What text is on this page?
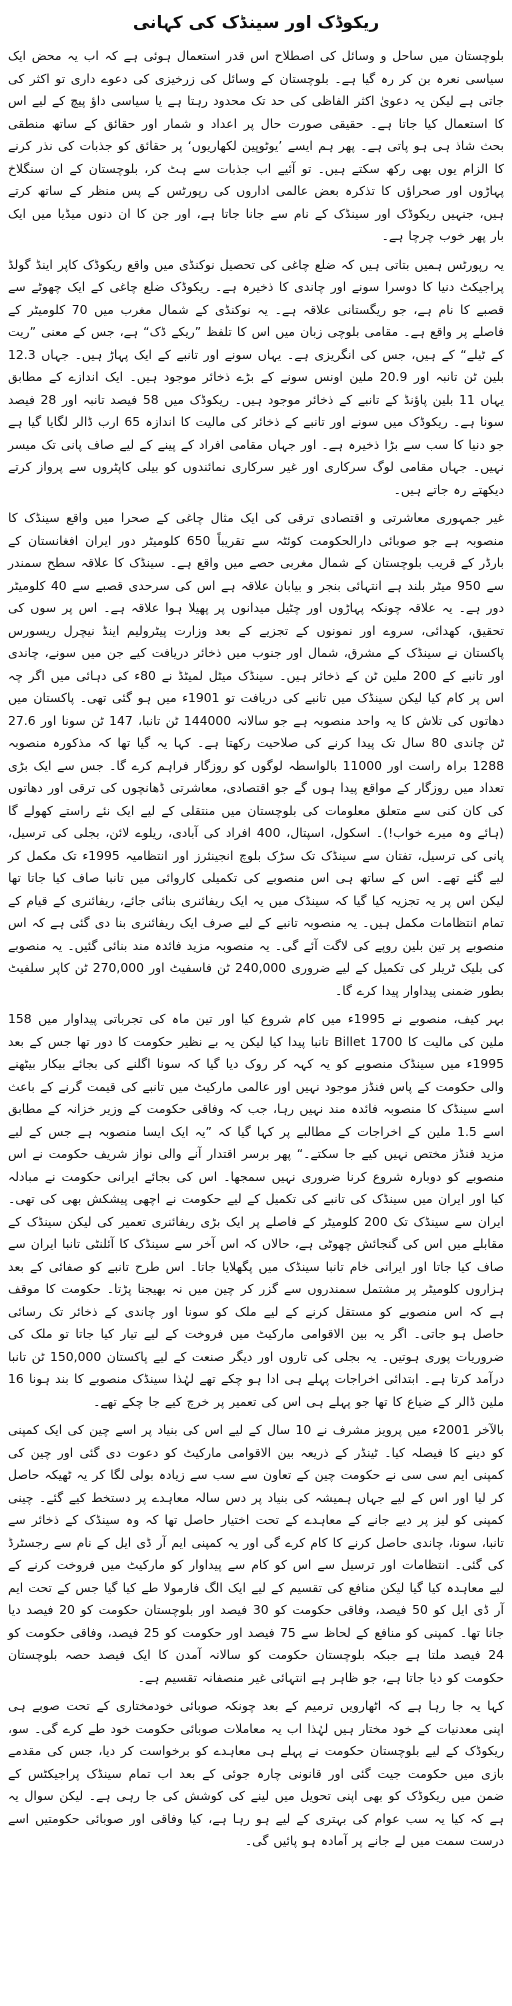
ریکوڈک اور سینڈک کی کہانی

بلوچستان میں ساحل و وسائل کی اصطلاح اس قدر استعمال ہوئی ہے کہ اب یہ محض ایک سیاسی نعرہ بن کر رہ گیا ہے۔ بلوچستان کے وسائل کی زرخیزی کی دعوے داری تو اکثر کی جاتی ہے لیکن یہ دعویٰ اکثر الفاظی کی حد تک محدود رہتا ہے یا سیاسی داؤ پیچ کے لیے اس کا استعمال کیا جاتا ہے۔ حقیقی صورت حال پر اعداد و شمار اور حقائق کے ساتھ منطقی بحث شاذ ہی ہو پاتی ہے۔ پھر ہم ایسے ’یوٹوپین لکھاریوں‘ پر حقائق کو جذبات کی نذر کرنے کا الزام یوں بھی رکھ سکتے ہیں۔ تو آئیے اب جذبات سے ہٹ کر، بلوچستان کے ان سنگلاخ پہاڑوں اور صحراؤں کا تذکرہ بعض عالمی اداروں کی رپورٹس کے پس منظر کے ساتھ کرتے ہیں، جنہیں ریکوڈک اور سینڈک کے نام سے جانا جاتا ہے، اور جن کا ان دنوں میڈیا میں ایک بار پھر خوب چرچا ہے۔

یہ رپورٹس ہمیں بتاتی ہیں کہ ضلع چاغی کی تحصیل نوکنڈی میں واقع ریکوڈک کاپر اینڈ گولڈ پراجیکٹ دنیا کا دوسرا سونے اور چاندی کا ذخیرہ ہے۔ ریکوڈک ضلع چاغی کے ایک چھوٹے سے قصبے کا نام ہے، جو ریگستانی علاقہ ہے۔ یہ نوکنڈی کے شمال مغرب میں 70 کلومیٹر کے فاصلے پر واقع ہے۔ مقامی بلوچی زبان میں اس کا تلفظ ”ریکے ڈک“ ہے، جس کے معنی ”ریت کے ٹیلے“ کے ہیں، جس کی انگریزی ہے۔ یہاں سونے اور تانبے کے ایک پہاڑ ہیں۔ جہاں 12.3 بلین ٹن تانبہ اور 20.9 ملین اونس سونے کے بڑے ذخائر موجود ہیں۔ ایک اندازے کے مطابق یہاں 11 بلین پاؤنڈ کے تانبے کے ذخائر موجود ہیں۔ ریکوڈک میں 58 فیصد تانبہ اور 28 فیصد سونا ہے۔ ریکوڈک میں سونے اور تانبے کے ذخائر کی مالیت کا اندازہ 65 ارب ڈالر لگایا گیا ہے جو دنیا کا سب سے بڑا ذخیرہ ہے۔ اور جہاں مقامی افراد کے پینے کے لیے صاف پانی تک میسر نہیں۔ جہاں مقامی لوگ سرکاری اور غیر سرکاری نمائندوں کو بیلی کاپٹروں سے پرواز کرتے دیکھتے رہ جاتے ہیں۔

غیر جمہوری معاشرتی و اقتصادی ترقی کی ایک مثال چاغی کے صحرا میں واقع سینڈک کا منصوبہ ہے جو صوبائی دارالحکومت کوئٹہ سے تقریباً 650 کلومیٹر دور ایران افغانستان کے بارڈر کے قریب بلوچستان کے شمال مغربی حصے میں واقع ہے۔ سینڈک کا علاقہ سطح سمندر سے 950 میٹر بلند ہے انتہائی بنجر و بیابان علاقہ ہے اس کی سرحدی قصبے سے 40 کلومیٹر دور ہے۔ یہ علاقہ چونکہ پہاڑوں اور چٹیل میدانوں پر پھیلا ہوا علاقہ ہے۔ اس پر سوں کی تحقیق، کھدائی، سروے اور نمونوں کے تجزیے کے بعد وزارت پیٹرولیم اینڈ نیچرل ریسورس پاکستان نے سینڈک کے مشرق، شمال اور جنوب میں ذخائر دریافت کیے جن میں سونے، چاندی اور تانبے کے 200 ملین ٹن کے ذخائر ہیں۔ سینڈک میٹل لمیٹڈ نے 80ء کی دہائی میں اگر چہ اس پر کام کیا لیکن سینڈک میں تانبے کی دریافت تو 1901ء میں ہو گئی تھی۔ پاکستان میں دھاتوں کی تلاش کا یہ واحد منصوبہ ہے جو سالانہ 144000 ٹن تانبا، 147 ٹن سونا اور 27.6 ٹن چاندی 80 سال تک پیدا کرنے کی صلاحیت رکھتا ہے۔ کہا یہ گیا تھا کہ مذکورہ منصوبہ 1288 براہ راست اور 11000 بالواسطہ لوگوں کو روزگار فراہم کرے گا۔ جس سے ایک بڑی تعداد میں روزگار کے مواقع پیدا ہوں گے جو اقتصادی، معاشرتی ڈھانچوں کی ترقی اور دھاتوں کی کان کنی سے متعلق معلومات کی بلوچستان میں منتقلی کے لیے ایک نئے راستے کھولے گا (ہائے وہ میرے خواب!)۔ اسکول، اسپتال، 400 افراد کی آبادی، ریلوے لائن، بجلی کی ترسیل، پانی کی ترسیل، تفتان سے سینڈک تک سڑک بلوچ انجینئرز اور انتظامیہ 1995ء تک مکمل کر لیے گئے تھے۔ اس کے ساتھ ہی اس منصوبے کی تکمیلی کاروائی میں تانبا صاف کیا جاتا تھا لیکن اس پر یہ تجزیہ کیا گیا کہ سینڈک میں یہ ایک ریفائنری بنائی جائے، ریفائنری کے قیام کے تمام انتظامات مکمل ہیں۔ یہ منصوبہ تانبے کے لیے صرف ایک ریفائنری بنا دی گئی ہے کہ اس منصوبے پر تین بلین روپے کی لاگت آئے گی۔ یہ منصوبہ مزید فائدہ مند بنائی گئیں۔ یہ منصوبے کی بلیک ٹریلر کی تکمیل کے لیے ضروری 240,000 ٹن فاسفیٹ اور 270,000 ٹن کاپر سلفیٹ بطور ضمنی پیداوار پیدا کرے گا۔

بہر کیف، منصوبے نے 1995ء میں کام شروع کیا اور تین ماہ کی تجرباتی پیداوار میں 158 ملین کی مالیت کا 1700 Billet تانبا پیدا کیا لیکن یہ بے نظیر حکومت کا دور تھا جس کے بعد 1995ء میں سینڈک منصوبے کو یہ کہہ کر روک دیا گیا کہ سونا اگلنے کی بجائے بیکار بیٹھنے والی حکومت کے پاس فنڈز موجود نہیں اور عالمی مارکیٹ میں تانبے کی قیمت گرنے کے باعث اسے سینڈک کا منصوبہ فائدہ مند نہیں رہا، جب کہ وفاقی حکومت کے وزیر خزانہ کے مطابق اسے 1.5 ملین کے اخراجات کے مطالبے پر کہا گیا کہ ”یہ ایک ایسا منصوبہ ہے جس کے لیے مزید فنڈز مختص نہیں کیے جا سکتے۔“ پھر برسر اقتدار آنے والی نواز شریف حکومت نے اس منصوبے کو دوبارہ شروع کرنا ضروری نہیں سمجھا۔ اس کی بجائے ایرانی حکومت نے مبادلہ کیا اور ایران میں سینڈک کی تانبے کی تکمیل کے لیے حکومت نے اچھی پیشکش بھی کی تھی۔ ایران سے سینڈک تک 200 کلومیٹر کے فاصلے پر ایک بڑی ریفائنری تعمیر کی لیکن سینڈک کے مقابلے میں اس کی گنجائش چھوٹی ہے، حالاں کہ اس آخر سے سینڈک کا آئلنٹی تانبا ایران سے صاف کیا جاتا اور ایرانی خام تانبا سینڈک میں پگھلایا جاتا۔ اس طرح تانبے کو صفائی کے بعد ہزاروں کلومیٹر پر مشتمل سمندروں سے گزر کر چین میں نہ بھیجنا پڑتا۔ حکومت کا موقف ہے کہ اس منصوبے کو مستقل کرنے کے لیے ملک کو سونا اور چاندی کے ذخائر تک رسائی حاصل ہو جاتی۔ اگر یہ بین الاقوامی مارکیٹ میں فروخت کے لیے تیار کیا جاتا تو ملک کی ضروریات پوری ہوتیں۔ یہ بجلی کی تاروں اور دیگر صنعت کے لیے پاکستان 150,000 ٹن تانبا درآمد کرتا ہے۔ ابتدائی اخراجات پہلے ہی ادا ہو چکے تھے لہٰذا سینڈک منصوبے کا بند ہونا 16 ملین ڈالر کے ضیاع کا تھا جو پہلے ہی اس کی تعمیر پر خرچ کیے جا چکے تھے۔

بالآخر 2001ء میں پرویز مشرف نے 10 سال کے لیے اس کی بنیاد پر اسے چین کی ایک کمپنی کو دینے کا فیصلہ کیا۔ ٹینڈر کے ذریعہ بین الاقوامی مارکیٹ کو دعوت دی گئی اور چین کی کمپنی ایم سی سی نے حکومت چین کے تعاون سے سب سے زیادہ بولی لگا کر یہ ٹھیکہ حاصل کر لیا اور اس کے لیے جہاں ہمیشہ کی بنیاد پر دس سالہ معاہدے پر دستخط کیے گئے۔ چینی کمپنی کو لیز پر دیے جانے کے معاہدے کے تحت اختیار حاصل تھا کہ وہ سینڈک کے ذخائر سے تانبا، سونا، چاندی حاصل کرنے کا کام کرے گی اور یہ کمپنی ایم آر ڈی ایل کے نام سے رجسٹرڈ کی گئی۔ انتظامات اور ترسیل سے اس کو کام سے پیداوار کو مارکیٹ میں فروخت کرنے کے لیے معاہدہ کیا گیا لیکن منافع کی تقسیم کے لیے ایک الگ فارمولا طے کیا گیا جس کے تحت ایم آر ڈی ایل کو 50 فیصد، وفاقی حکومت کو 30 فیصد اور بلوچستان حکومت کو 20 فیصد دیا جانا تھا۔ کمپنی کو منافع کے لحاظ سے 75 فیصد اور حکومت کو 25 فیصد، وفاقی حکومت کو 24 فیصد ملتا ہے جبکہ بلوچستان حکومت کو سالانہ آمدن کا ایک فیصد حصہ بلوچستان حکومت کو دیا جاتا ہے، جو ظاہر ہے انتہائی غیر منصفانہ تقسیم ہے۔

کہا یہ جا رہا ہے کہ اٹھارویں ترمیم کے بعد چونکہ صوبائی خودمختاری کے تحت صوبے ہی اپنی معدنیات کے خود مختار ہیں لہٰذا اب یہ معاملات صوبائی حکومت خود طے کرے گی۔ سو، ریکوڈک کے لیے بلوچستان حکومت نے پہلے ہی معاہدے کو برخواست کر دیا، جس کی مقدمے بازی میں حکومت جیت گئی اور قانونی چارہ جوئی کے بعد اب تمام سینڈک پراجیکٹس کے ضمن میں ریکوڈک کو بھی اپنی تحویل میں لینے کی کوشش کی جا رہی ہے۔ لیکن سوال یہ ہے کہ کیا یہ سب عوام کی بہتری کے لیے ہو رہا ہے، کیا وفاقی اور صوبائی حکومتیں اسے درست سمت میں لے جانے پر آمادہ ہو پائیں گی۔
